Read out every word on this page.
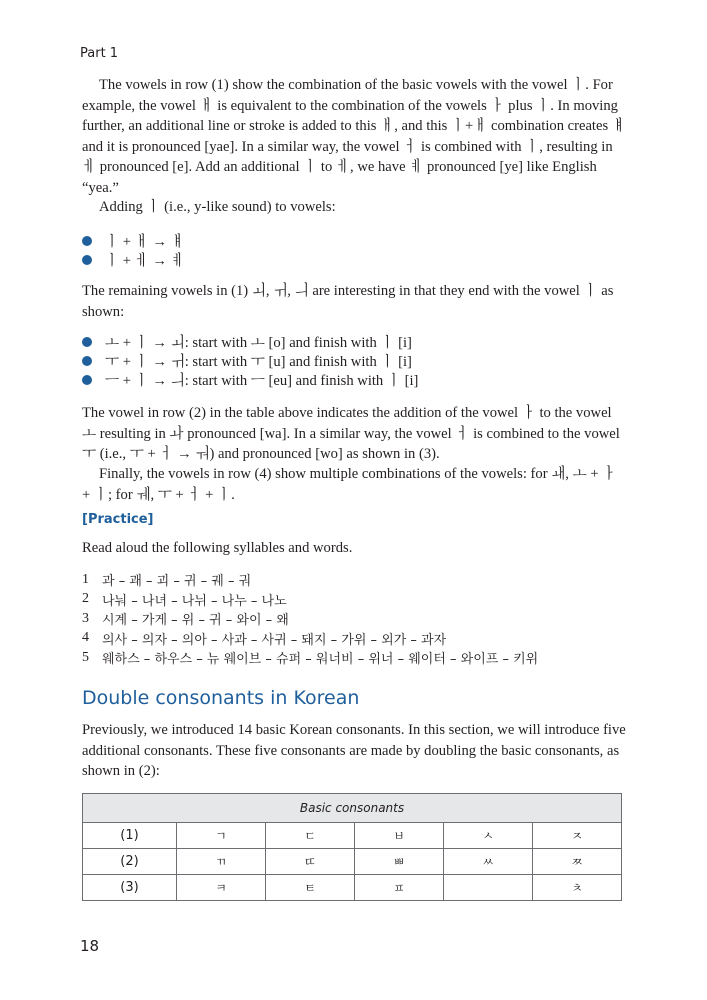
Part 1

The vowels in row (1) show the combination of the basic vowels with the vowel ㅣ. For example, the vowel ㅐ is equivalent to the combination of the vowels ㅏ plus ㅣ. In moving further, an additional line or stroke is added to this ㅐ, and this ㅣ+ㅐ combination creates ㅒ and it is pronounced [yae]. In a similar way, the vowel ㅓ is combined with ㅣ, resulting in ㅔ pronounced [e]. Add an additional ㅣ to ㅔ, we have ㅖ pronounced [ye] like English “yea.”

Adding ㅣ (i.e., y-like sound) to vowels:

ㅣ + ㅐ → ㅒ
ㅣ + ㅔ → ㅖ

The remaining vowels in (1) ㅚ, ㅟ, ㅢ are interesting in that they end with the vowel ㅣ as shown:

ㅗ + ㅣ → ㅚ: start with ㅗ [o] and finish with ㅣ [i]
ㅜ + ㅣ → ㅟ: start with ㅜ [u] and finish with ㅣ [i]
ㅡ + ㅣ → ㅢ: start with ㅡ [eu] and finish with ㅣ [i]

The vowel in row (2) in the table above indicates the addition of the vowel ㅏ to the vowel ㅗ resulting in ㅘ pronounced [wa]. In a similar way, the vowel ㅓ is combined to the vowel ㅜ (i.e., ㅜ + ㅓ → ㅝ) and pronounced [wo] as shown in (3).

Finally, the vowels in row (4) show multiple combinations of the vowels: for ㅙ, ㅗ + ㅏ + ㅣ; for ㅞ, ㅜ + ㅓ + ㅣ.

[Practice]

Read aloud the following syllables and words.

1	과 – 괘 – 괴 – 귀 – 궤 – 궈
2	나눠 – 나녀 – 나뉘 – 나누 – 나노
3	시계 – 가게 – 위 – 귀 – 와이 – 왜
4	의사 – 의자 – 의아 – 사과 – 사귀 – 돼지 – 가위 – 외가 – 과자
5	웨하스 – 하우스 – 뉴 웨이브 – 슈퍼 – 워너비 – 위너 – 웨이터 – 와이프 – 키위
Double consonants in Korean

Previously, we introduced 14 basic Korean consonants. In this section, we will introduce five additional consonants. These five consonants are made by doubling the basic consonants, as shown in (2):

Basic consonants					
(1)	ㄱ	ㄷ	ㅂ	ㅅ	ㅈ
(2)	ㄲ	ㄸ	ㅃ	ㅆ	ㅉ
(3)	ㅋ	ㅌ	ㅍ		ㅊ
18
